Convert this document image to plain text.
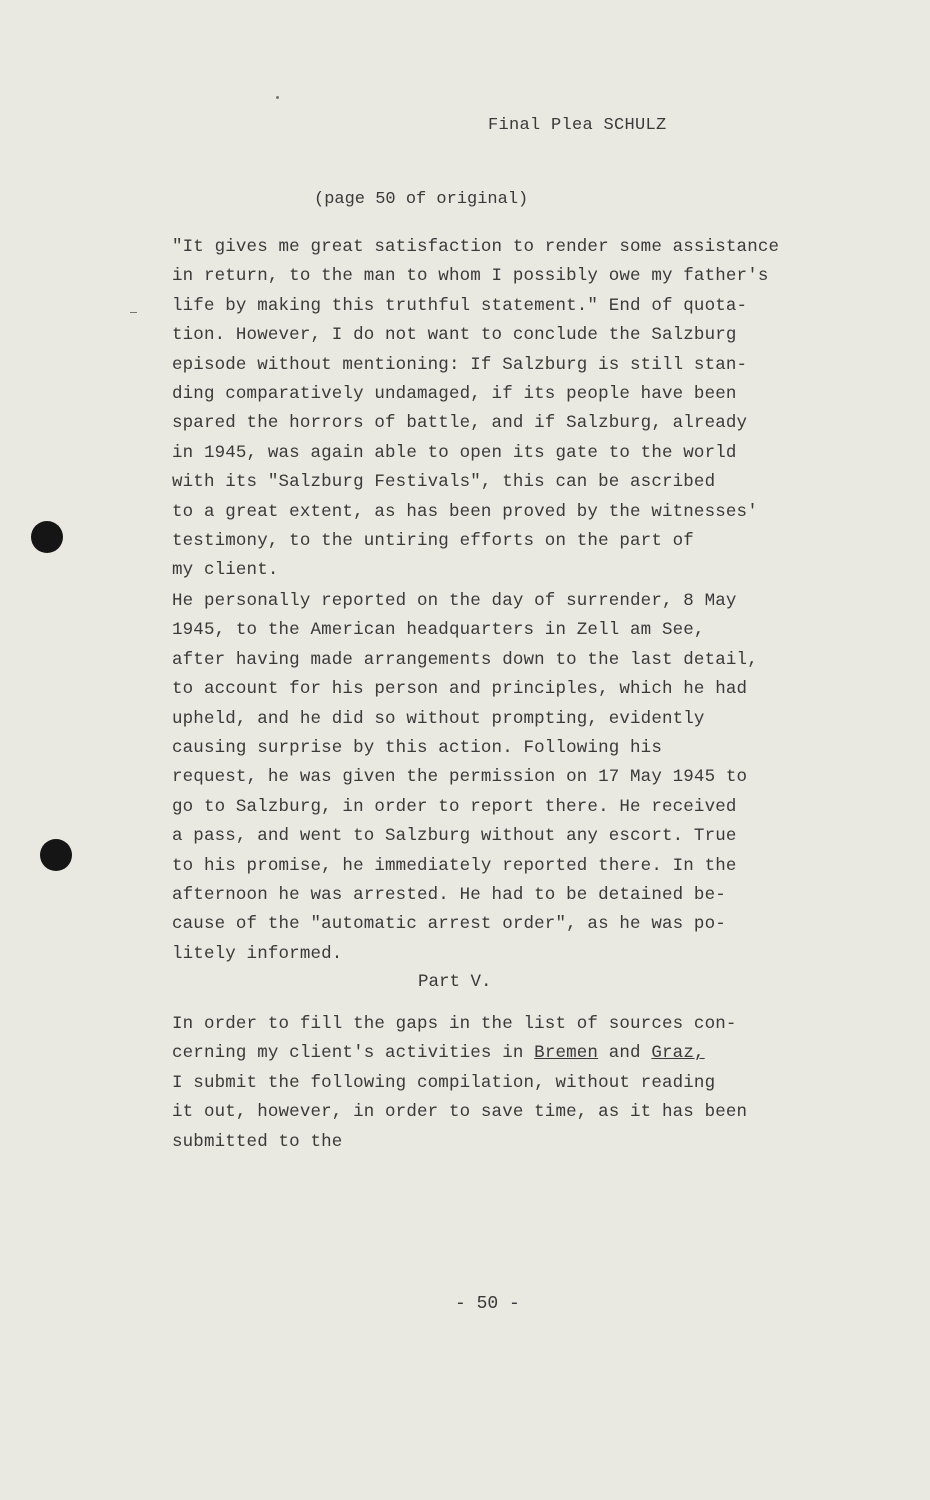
Final Plea SCHULZ
(page 50 of original)
"It gives me great satisfaction to render some assistance
in return, to the man to whom I possibly owe my father's
life by making this truthful statement." End of quota-
tion. However, I do not want to conclude the Salzburg
episode without mentioning: If Salzburg is still stan-
ding comparatively undamaged, if its people have been
spared the horrors of battle, and if Salzburg, already
in 1945, was again able to open its gate to the world
with its "Salzburg Festivals", this can be ascribed
to a great extent, as has been proved by the witnesses'
testimony, to the untiring efforts on the part of
my client.
He personally reported on the day of surrender, 8 May
1945, to the American headquarters in Zell am See,
after having made arrangements down to the last detail,
to account for his person and principles, which he had
upheld, and he did so without prompting, evidently
causing surprise by this action. Following his
request, he was given the permission on 17 May 1945 to
go to Salzburg, in order to report there. He received
a pass, and went to Salzburg without any escort. True
to his promise, he immediately reported there. In the
afternoon he was arrested. He had to be detained be-
cause of the "automatic arrest order", as he was po-
litely informed.
Part V.
In order to fill the gaps in the list of sources con-
cerning my client's activities in Bremen and Graz,
I submit the following compilation, without reading
it out, however, in order to save time, as it has been
submitted to the
- 50 -
